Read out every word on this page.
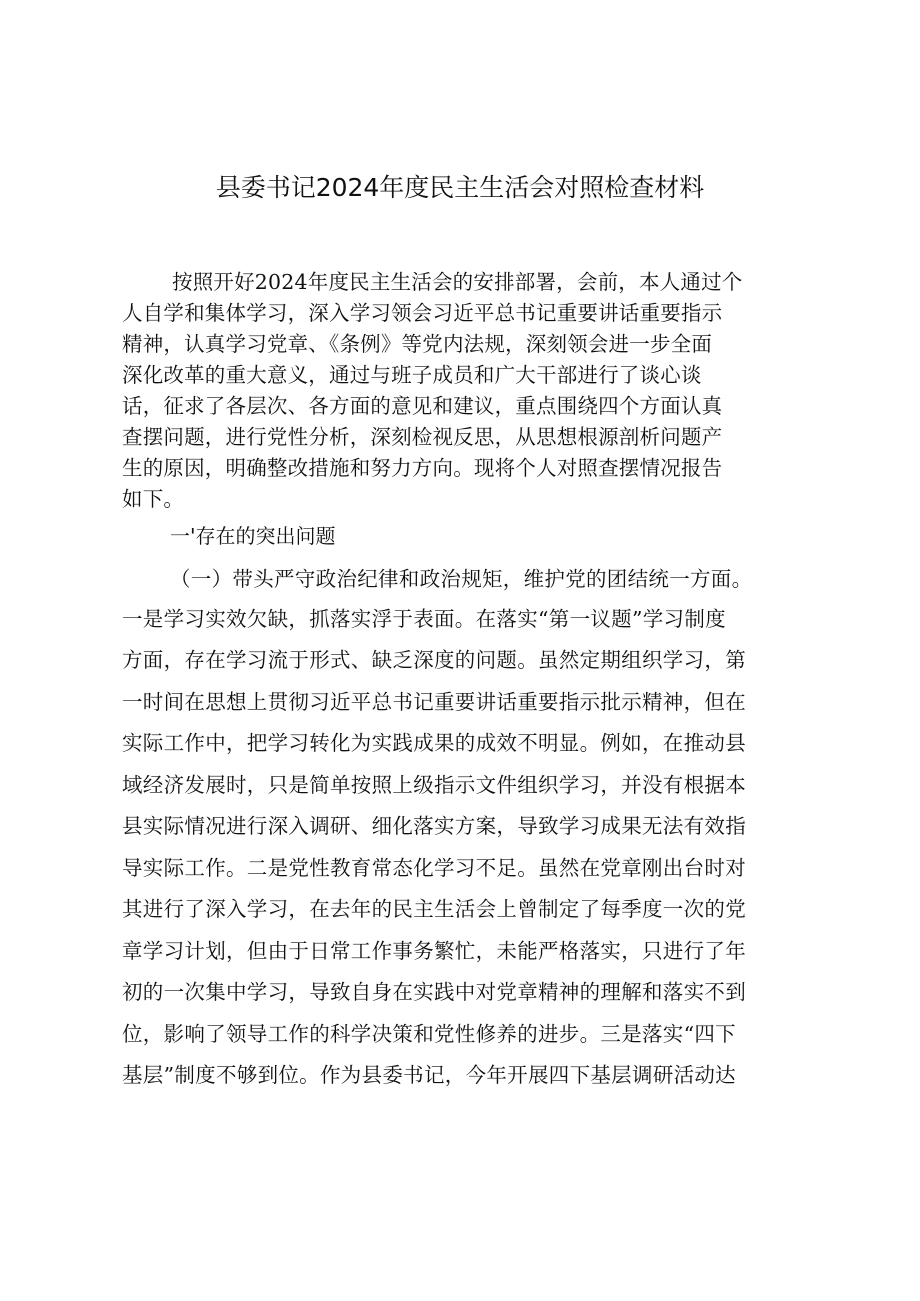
县委书记2024年度民主生活会对照检查材料

按照开好2024年度民主生活会的安排部署，会前，本人通过个

人自学和集体学习，深入学习领会习近平总书记重要讲话重要指示

精神，认真学习党章、《条例》等党内法规，深刻领会进一步全面

深化改革的重大意义，通过与班子成员和广大干部进行了谈心谈

话，征求了各层次、各方面的意见和建议，重点围绕四个方面认真

查摆问题，进行党性分析，深刻检视反思，从思想根源剖析问题产

生的原因，明确整改措施和努力方向。现将个人对照查摆情况报告

如下。

一'存在的突出问题

（一）带头严守政治纪律和政治规矩，维护党的团结统一方面。

一是学习实效欠缺，抓落实浮于表面。在落实“第一议题”学习制度

方面，存在学习流于形式、缺乏深度的问题。虽然定期组织学习，第

一时间在思想上贯彻习近平总书记重要讲话重要指示批示精神，但在

实际工作中，把学习转化为实践成果的成效不明显。例如，在推动县

域经济发展时，只是简单按照上级指示文件组织学习，并没有根据本

县实际情况进行深入调研、细化落实方案，导致学习成果无法有效指

导实际工作。二是党性教育常态化学习不足。虽然在党章刚出台时对

其进行了深入学习，在去年的民主生活会上曾制定了每季度一次的党

章学习计划，但由于日常工作事务繁忙，未能严格落实，只进行了年

初的一次集中学习，导致自身在实践中对党章精神的理解和落实不到

位，影响了领导工作的科学决策和党性修养的进步。三是落实“四下

基层”制度不够到位。作为县委书记，今年开展四下基层调研活动达
